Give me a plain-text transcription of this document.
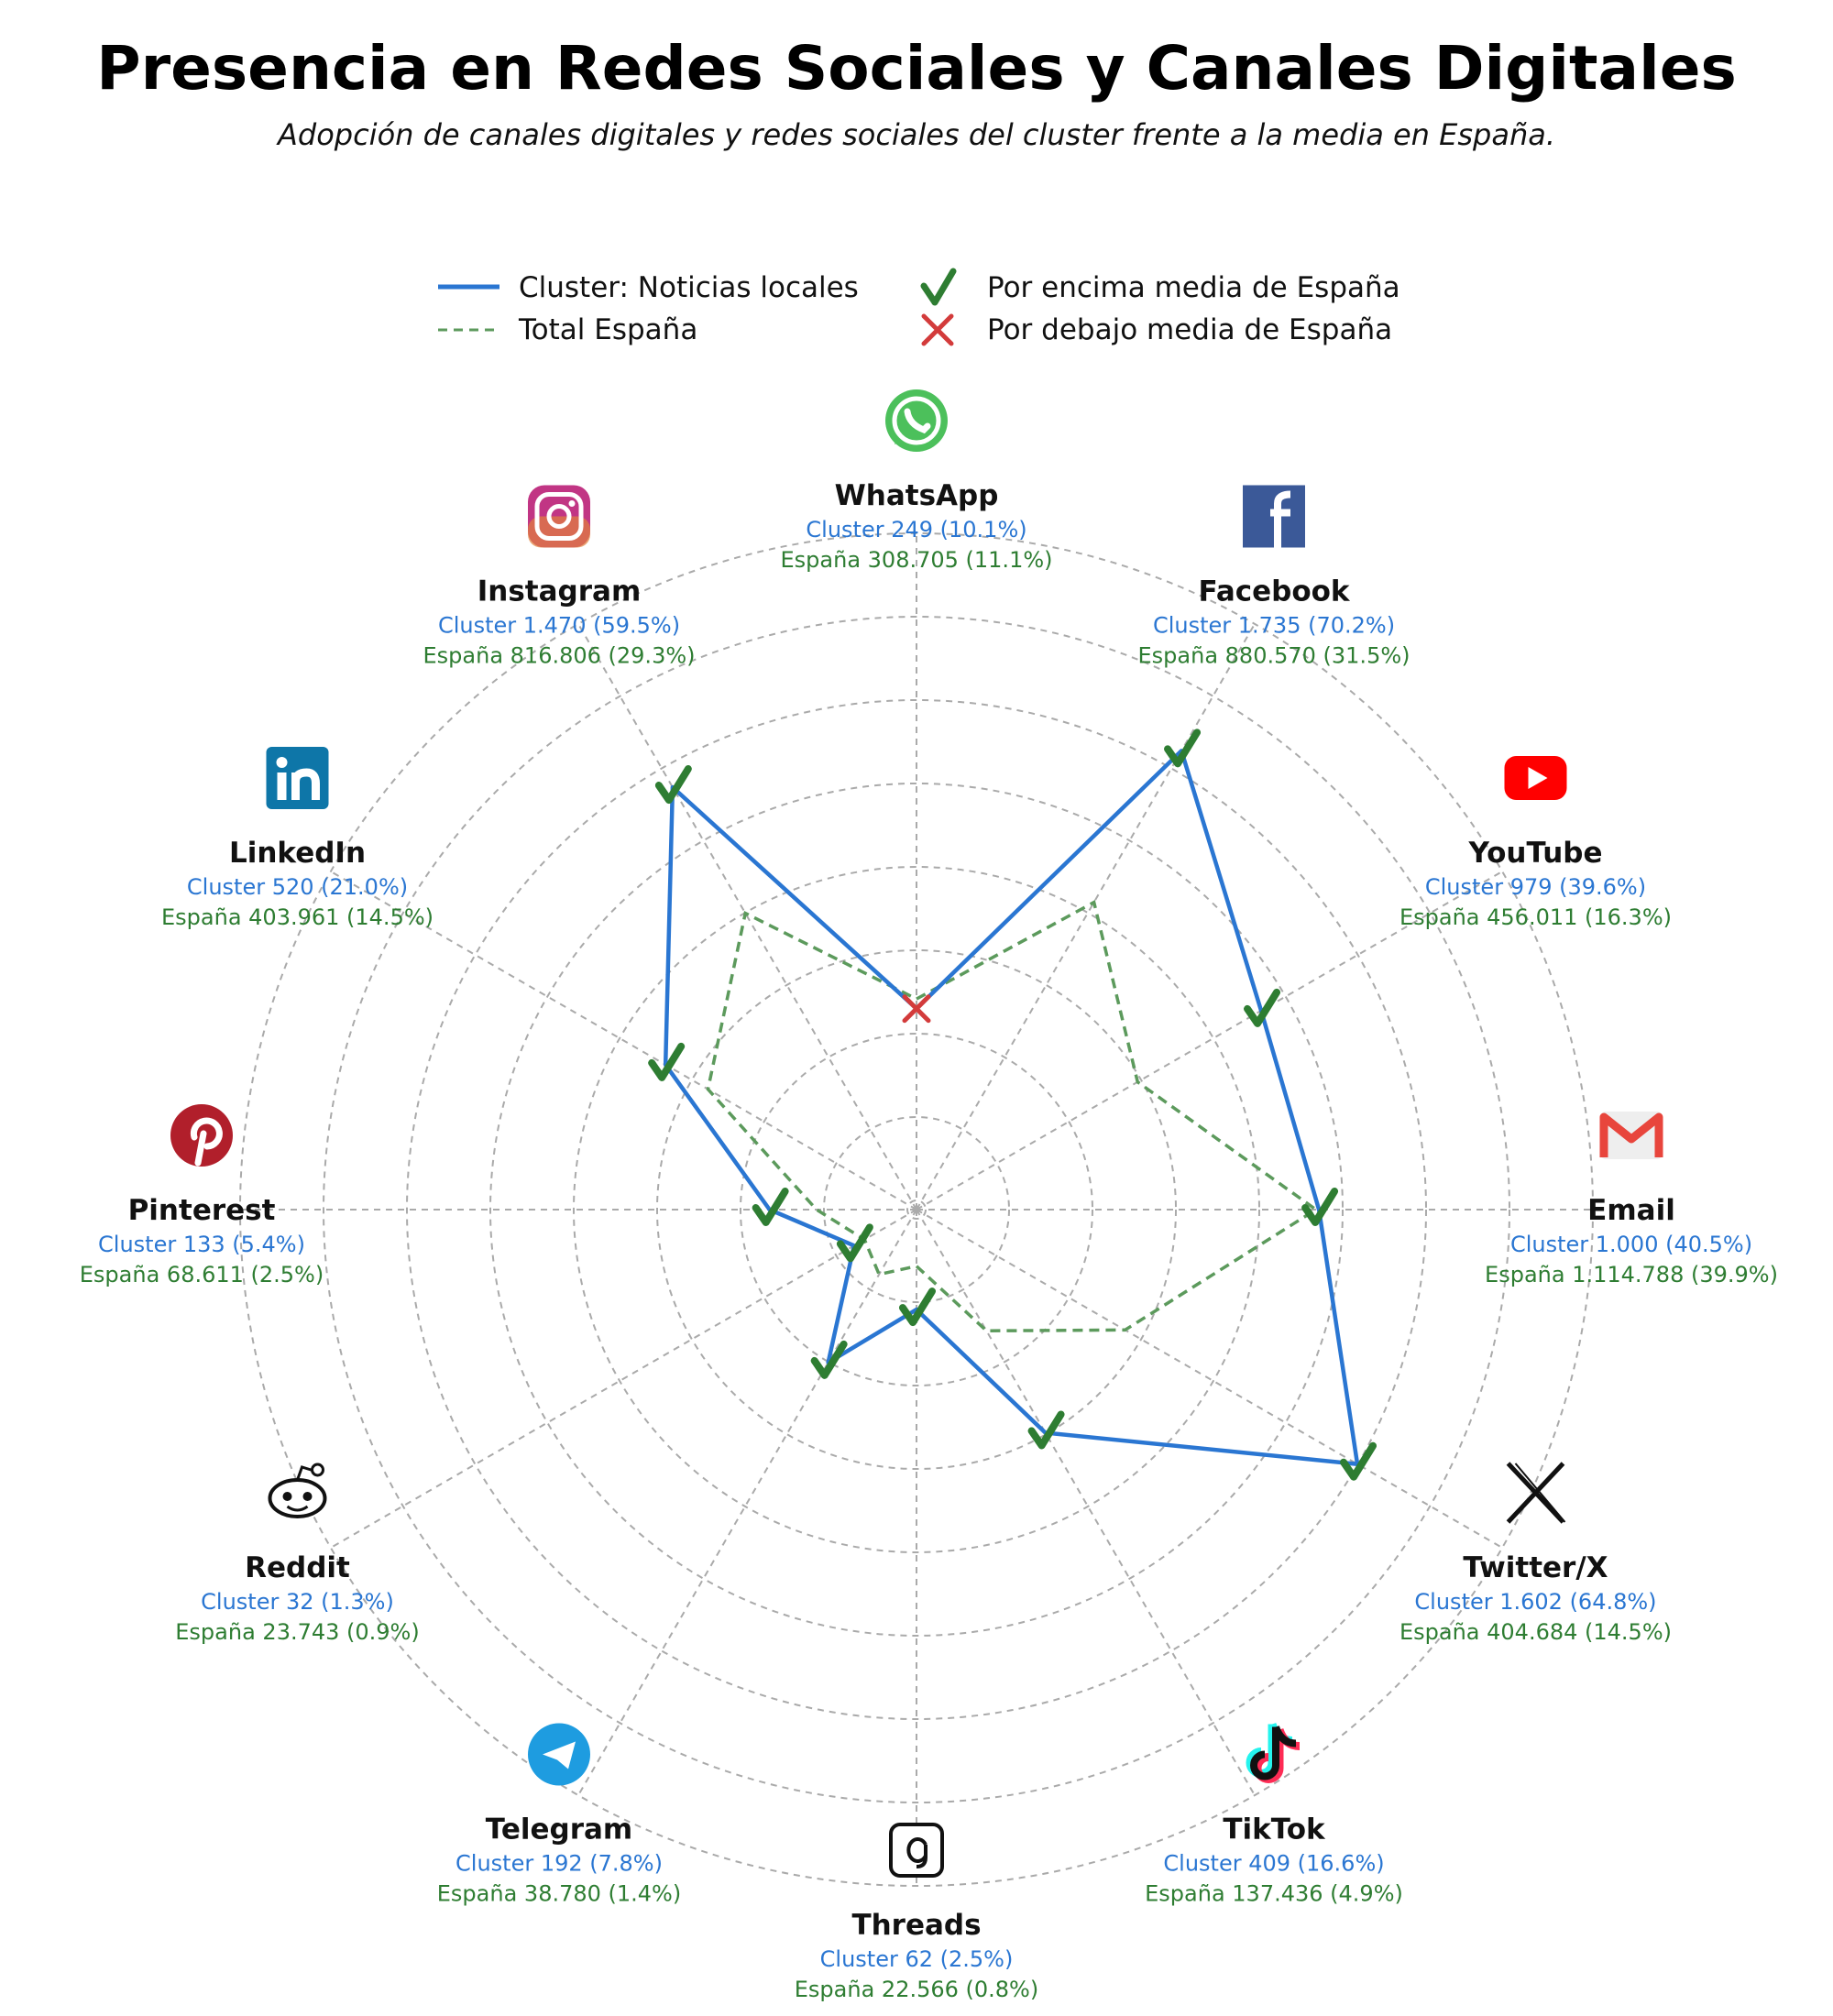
Presencia en Redes Sociales y Canales Digitales
Adopción de canales digitales y redes sociales del cluster frente a la media en España.
Cluster: Noticias locales
Total España
Por encima media de España
Por debajo media de España
WhatsApp
Cluster 249 (10.1%)
España 308.705 (11.1%)
Facebook
Cluster 1.735 (70.2%)
España 880.570 (31.5%)
YouTube
Cluster 979 (39.6%)
España 456.011 (16.3%)
Email
Cluster 1.000 (40.5%)
España 1.114.788 (39.9%)
Twitter/X
Cluster 1.602 (64.8%)
España 404.684 (14.5%)
TikTok
Cluster 409 (16.6%)
España 137.436 (4.9%)
Threads
Cluster 62 (2.5%)
España 22.566 (0.8%)
Telegram
Cluster 192 (7.8%)
España 38.780 (1.4%)
Reddit
Cluster 32 (1.3%)
España 23.743 (0.9%)
Pinterest
Cluster 133 (5.4%)
España 68.611 (2.5%)
LinkedIn
Cluster 520 (21.0%)
España 403.961 (14.5%)
Instagram
Cluster 1.470 (59.5%)
España 816.806 (29.3%)
